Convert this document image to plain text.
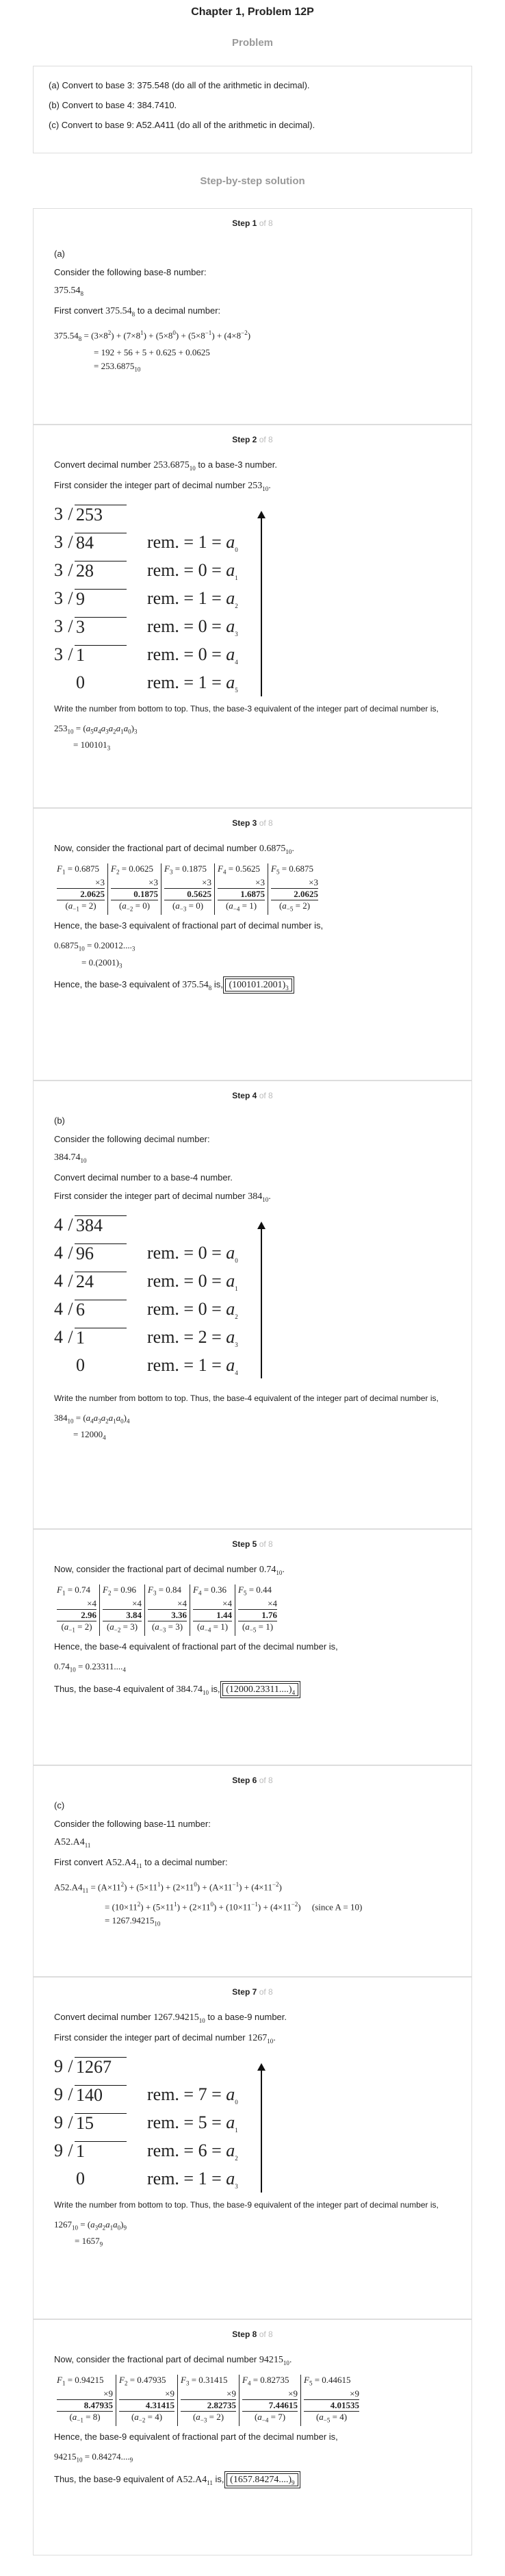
Chapter 1, Problem 12P
Problem

(a) Convert to base 3: 375.548 (do all of the arithmetic in decimal).

(b) Convert to base 4: 384.7410.

(c) Convert to base 9: A52.A411 (do all of the arithmetic in decimal).

Step-by-step solution
Step 1 of 8

(a)

Consider the following base-8 number:

$375.54_8$

First convert $375.54_8$ to a decimal number:

$375.54_8 = (3\times 8^2) + (7\times 8^1) + (5\times 8^0) + (5\times 8^{-1}) + (4\times 8^{-2})$
= 192 + 56 + 5 + 0.625 + 0.0625
= $253.6875_{10}$
Step 2 of 8

Convert decimal number $253.6875_{10}$ to a base-3 number.

First consider the integer part of decimal number $253_{10}$.

3 / 253
3 / 84	rem. = $1 = a_0$
3 / 28	rem. = $0 = a_1$
3 / 9	rem. = $1 = a_2$
3 / 3	rem. = $0 = a_3$
3 / 1	rem. = $0 = a_4$
0	rem. = $1 = a_5$

Write the number from bottom to top. Thus, the base-3 equivalent of the integer part of decimal number is,

$253_{10} = (a_5a_4a_3a_2a_1a_0)_3$
= $100101_3$
Step 3 of 8

Now, consider the fractional part of decimal number $0.6875_{10}$.

$F_1 = 0.6875$
×3
2.0625
$(a_{-1} = 2)$
$F_2 = 0.0625$
×3
0.1875
$(a_{-2} = 0)$
$F_3 = 0.1875$
×3
0.5625
$(a_{-3} = 0)$
$F_4 = 0.5625$
×3
1.6875
$(a_{-4} = 1)$
$F_5 = 0.6875$
×3
2.0625
$(a_{-5} = 2)$

Hence, the base-3 equivalent of fractional part of decimal number is,

$0.6875_{10} = 0.20012...._3$
= $0.(2001)_3$

Hence, the base-3 equivalent of $375.54_8$ is, $(100101.2001)_3$

Step 4 of 8

(b)

Consider the following decimal number:

$384.74_{10}$

Convert decimal number to a base-4 number.

First consider the integer part of decimal number $384_{10}$.

4 / 384
4 / 96	rem. = $0 = a_0$
4 / 24	rem. = $0 = a_1$
4 / 6	rem. = $0 = a_2$
4 / 1	rem. = $2 = a_3$
0	rem. = $1 = a_4$

Write the number from bottom to top. Thus, the base-4 equivalent of the integer part of decimal number is,

$384_{10} = (a_4a_3a_2a_1a_0)_4$
= $12000_4$
Step 5 of 8

Now, consider the fractional part of decimal number $0.74_{10}$.

$F_1 = 0.74$
×4
2.96
$(a_{-1} = 2)$
$F_2 = 0.96$
×4
3.84
$(a_{-2} = 3)$
$F_3 = 0.84$
×4
3.36
$(a_{-3} = 3)$
$F_4 = 0.36$
×4
1.44
$(a_{-4} = 1)$
$F_5 = 0.44$
×4
1.76
$(a_{-5} = 1)$

Hence, the base-4 equivalent of fractional part of the decimal number is,

$0.74_{10} = 0.23311...._4$

Thus, the base-4 equivalent of $384.74_{10}$ is, $(12000.23311....)_4$

Step 6 of 8

(c)

Consider the following base-11 number:

$A52.A4_{11}$

First convert $A52.A4_{11}$ to a decimal number:

$A52.A4_{11} = (A\times 11^2) + (5\times 11^1) + (2\times 11^0) + (A\times 11^{-1}) + (4\times 11^{-2})$
= $(10\times 11^2) + (5\times 11^1) + (2\times 11^0) + (10\times 11^{-1}) + (4\times 11^{-2})$     (since A = 10)
= $1267.94215_{10}$
Step 7 of 8

Convert decimal number $1267.94215_{10}$ to a base-9 number.

First consider the integer part of decimal number $1267_{10}$.

9 / 1267
9 / 140	rem. = $7 = a_0$
9 / 15	rem. = $5 = a_1$
9 / 1	rem. = $6 = a_2$
0	rem. = $1 = a_3$

Write the number from bottom to top. Thus, the base-9 equivalent of the integer part of decimal number is,

$1267_{10} = (a_3a_2a_1a_0)_9$
= $1657_9$
Step 8 of 8

Now, consider the fractional part of decimal number $94215_{10}$.

$F_1 = 0.94215$
×9
8.47935
$(a_{-1} = 8)$
$F_2 = 0.47935$
×9
4.31415
$(a_{-2} = 4)$
$F_3 = 0.31415$
×9
2.82735
$(a_{-3} = 2)$
$F_4 = 0.82735$
×9
7.44615
$(a_{-4} = 7)$
$F_5 = 0.44615$
×9
4.01535
$(a_{-5} = 4)$

Hence, the base-9 equivalent of fractional part of the decimal number is,

$94215_{10} = 0.84274...._9$

Thus, the base-9 equivalent of $A52.A4_{11}$ is, $(1657.84274....)_9$
